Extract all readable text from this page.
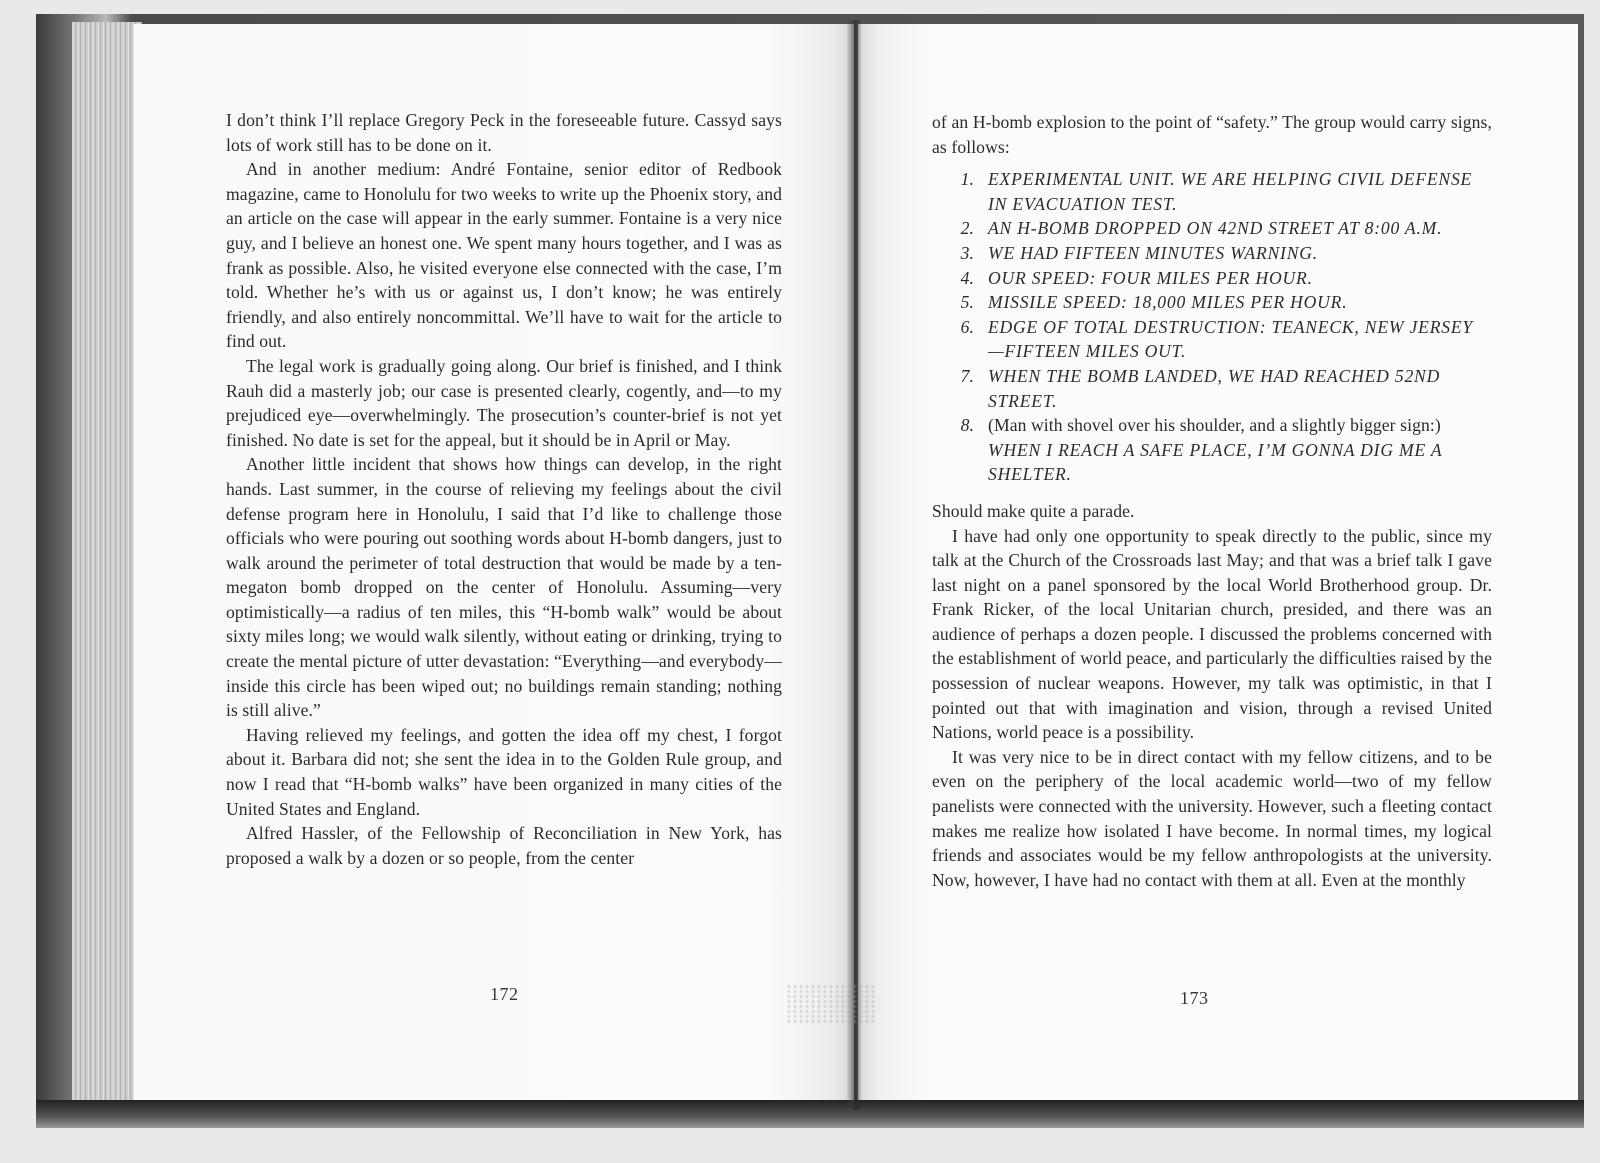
I don’t think I’ll replace Gregory Peck in the foreseeable future. Cassyd says lots of work still has to be done on it.

And in another medium: André Fontaine, senior editor of Redbook magazine, came to Honolulu for two weeks to write up the Phoenix story, and an article on the case will appear in the early summer. Fontaine is a very nice guy, and I believe an honest one. We spent many hours together, and I was as frank as possible. Also, he visited everyone else connected with the case, I’m told. Whether he’s with us or against us, I don’t know; he was entirely friendly, and also entirely noncommittal. We’ll have to wait for the article to find out.

The legal work is gradually going along. Our brief is finished, and I think Rauh did a masterly job; our case is presented clearly, cogently, and—to my prejudiced eye—overwhelmingly. The prosecution’s counter-brief is not yet finished. No date is set for the appeal, but it should be in April or May.

Another little incident that shows how things can develop, in the right hands. Last summer, in the course of relieving my feelings about the civil defense program here in Honolulu, I said that I’d like to challenge those officials who were pouring out soothing words about H-bomb dangers, just to walk around the perimeter of total destruction that would be made by a ten-megaton bomb dropped on the center of Honolulu. Assuming—very optimistically—a radius of ten miles, this “H-bomb walk” would be about sixty miles long; we would walk silently, without eating or drinking, trying to create the mental picture of utter devastation: “Everything—and everybody—inside this circle has been wiped out; no buildings remain standing; nothing is still alive.”

Having relieved my feelings, and gotten the idea off my chest, I forgot about it. Barbara did not; she sent the idea in to the Golden Rule group, and now I read that “H-bomb walks” have been organized in many cities of the United States and England.

Alfred Hassler, of the Fellowship of Reconciliation in New York, has proposed a walk by a dozen or so people, from the center

172

of an H-bomb explosion to the point of “safety.” The group would carry signs, as follows:

1. EXPERIMENTAL UNIT. WE ARE HELPING CIVIL DEFENSE IN EVACUATION TEST.
2. AN H-BOMB DROPPED ON 42ND STREET AT 8:00 A.M.
3. WE HAD FIFTEEN MINUTES WARNING.
4. OUR SPEED: FOUR MILES PER HOUR.
5. MISSILE SPEED: 18,000 MILES PER HOUR.
6. EDGE OF TOTAL DESTRUCTION: TEANECK, NEW JERSEY—FIFTEEN MILES OUT.
7. WHEN THE BOMB LANDED, WE HAD REACHED 52ND STREET.
8. (Man with shovel over his shoulder, and a slightly bigger sign:) WHEN I REACH A SAFE PLACE, I’M GONNA DIG ME A SHELTER.

Should make quite a parade.

I have had only one opportunity to speak directly to the public, since my talk at the Church of the Crossroads last May; and that was a brief talk I gave last night on a panel sponsored by the local World Brotherhood group. Dr. Frank Ricker, of the local Unitarian church, presided, and there was an audience of perhaps a dozen people. I discussed the problems concerned with the establishment of world peace, and particularly the difficulties raised by the possession of nuclear weapons. However, my talk was optimistic, in that I pointed out that with imagination and vision, through a revised United Nations, world peace is a possibility.

It was very nice to be in direct contact with my fellow citizens, and to be even on the periphery of the local academic world—two of my fellow panelists were connected with the university. However, such a fleeting contact makes me realize how isolated I have become. In normal times, my logical friends and associates would be my fellow anthropologists at the university. Now, however, I have had no contact with them at all. Even at the monthly

173
